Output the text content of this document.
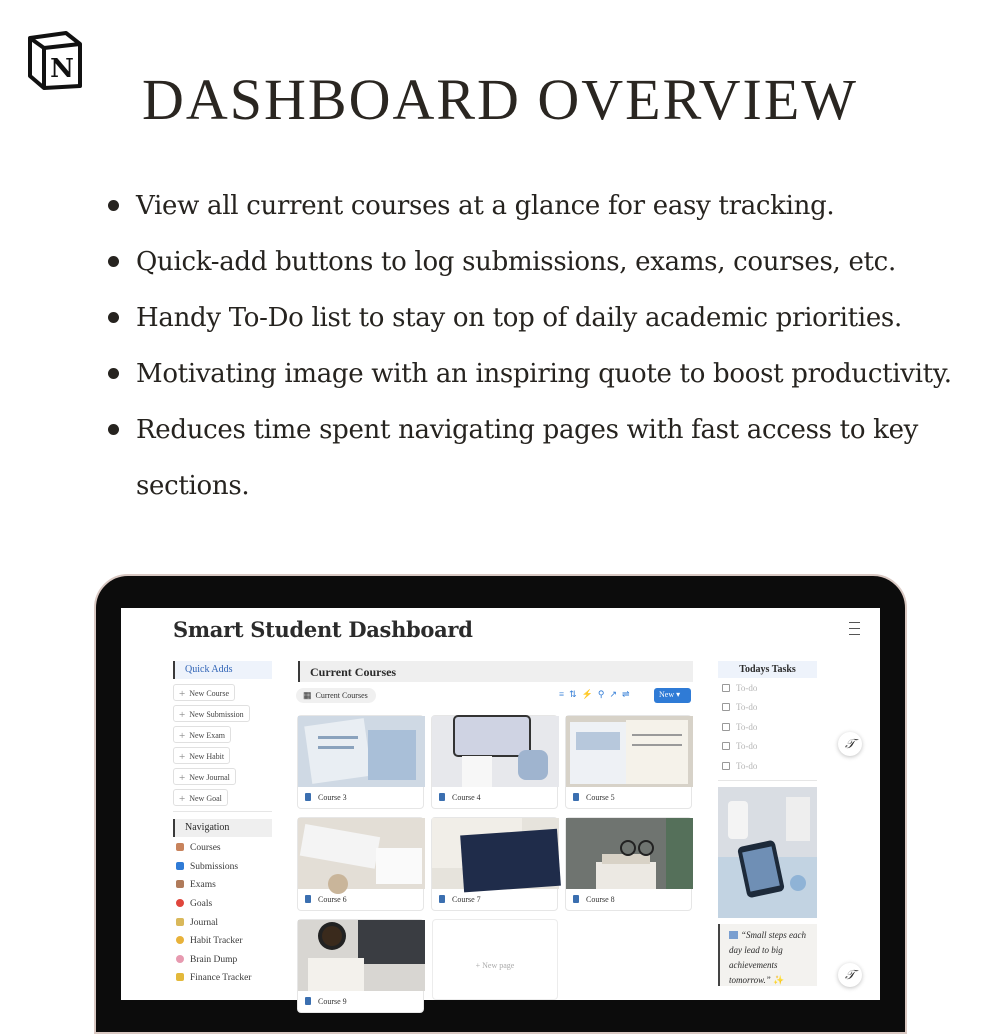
N	DASHBOARD OVERVIEW
View all current courses at a glance for easy tracking.
Quick-add buttons to log submissions, exams, courses, etc.
Handy To-Do list to stay on top of daily academic priorities.
Motivating image with an inspiring quote to boost productivity.
Reduces time spent navigating pages with fast access to key sections.
Smart Student Dashboard
Quick Adds
+ New Course
+ New Submission
+ New Exam
+ New Habit
+ New Journal
+ New Goal
Navigation
Courses
Submissions
Exams
Goals
Journal
Habit Tracker
Brain Dump
Finance Tracker
Current Courses
▦ Current Courses	≡⇅⚡⚲↗⇌	New ▾
Course 3	Course 4	Course 5
Course 6	Course 7	Course 8
Course 9
+ New page
Todays Tasks
To-do
To-do
To-do
To-do
To-do
“Small steps each day lead to big achievements tomorrow.” ✨
𝒯
𝒯
